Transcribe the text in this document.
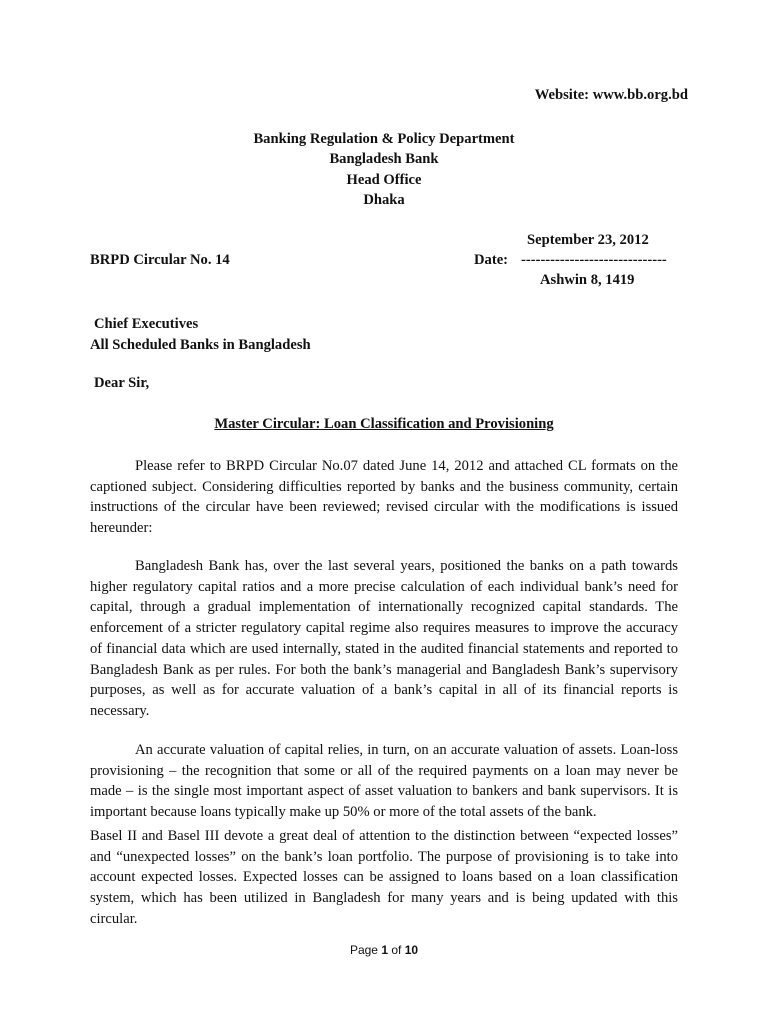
Website: www.bb.org.bd
Banking Regulation & Policy Department
Bangladesh Bank
Head Office
Dhaka
September 23, 2012
BRPD Circular No. 14	Date: ------------------------------
Ashwin 8, 1419
Chief Executives
All Scheduled Banks in Bangladesh
Dear Sir,
Master Circular: Loan Classification and Provisioning
Please refer to BRPD Circular No.07 dated June 14, 2012 and attached CL formats on the captioned subject. Considering difficulties reported by banks and the business community, certain instructions of the circular have been reviewed; revised circular with the modifications is issued hereunder:
Bangladesh Bank has, over the last several years, positioned the banks on a path towards higher regulatory capital ratios and a more precise calculation of each individual bank’s need for capital, through a gradual implementation of internationally recognized capital standards. The enforcement of a stricter regulatory capital regime also requires measures to improve the accuracy of financial data which are used internally, stated in the audited financial statements and reported to Bangladesh Bank as per rules. For both the bank’s managerial and Bangladesh Bank’s supervisory purposes, as well as for accurate valuation of a bank’s capital in all of its financial reports is necessary.
An accurate valuation of capital relies, in turn, on an accurate valuation of assets. Loan-loss provisioning – the recognition that some or all of the required payments on a loan may never be made – is the single most important aspect of asset valuation to bankers and bank supervisors. It is important because loans typically make up 50% or more of the total assets of the bank.
Basel II and Basel III devote a great deal of attention to the distinction between “expected losses” and “unexpected losses” on the bank’s loan portfolio. The purpose of provisioning is to take into account expected losses. Expected losses can be assigned to loans based on a loan classification system, which has been utilized in Bangladesh for many years and is being updated with this circular.
Page 1 of 10
